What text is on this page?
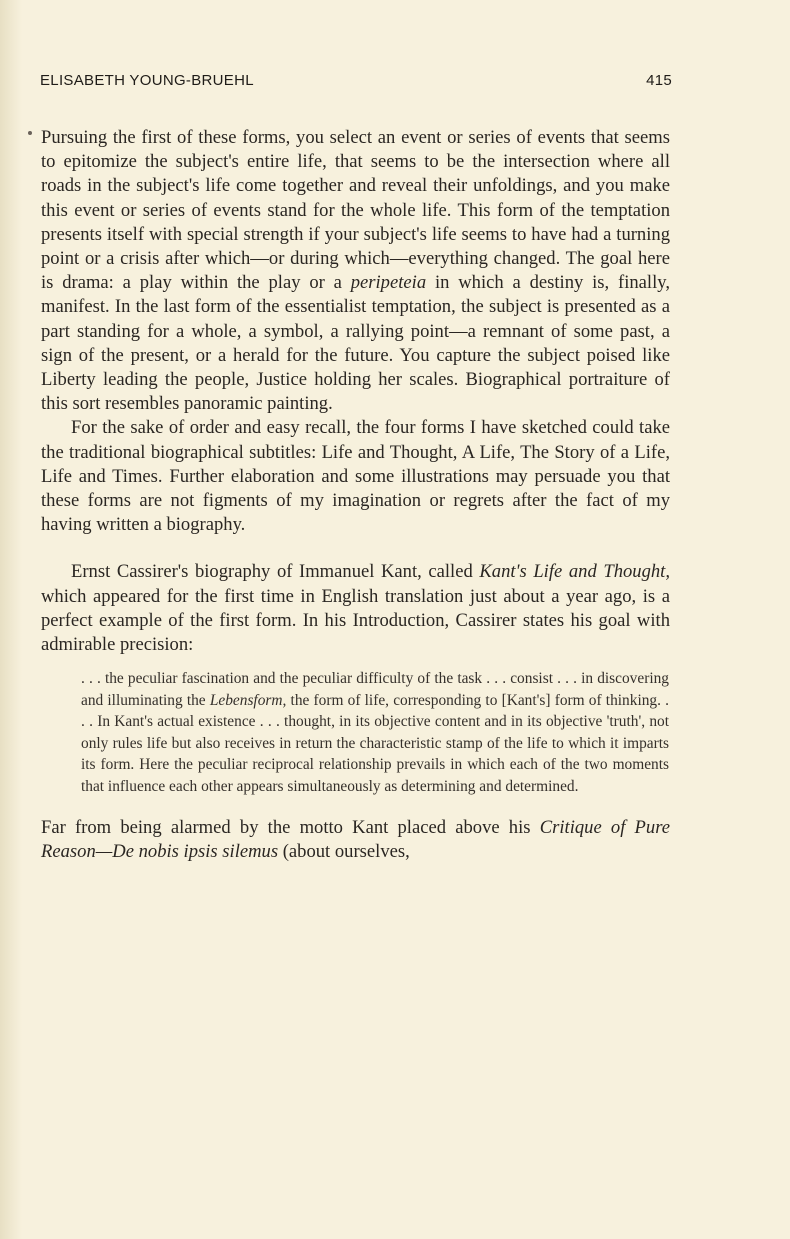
ELISABETH YOUNG-BRUEHL	415

Pursuing the first of these forms, you select an event or series of events that seems to epitomize the subject's entire life, that seems to be the intersection where all roads in the subject's life come together and reveal their unfoldings, and you make this event or series of events stand for the whole life. This form of the temptation presents itself with special strength if your subject's life seems to have had a turning point or a crisis after which—or during which—everything changed. The goal here is drama: a play within the play or a peripeteia in which a destiny is, finally, manifest. In the last form of the essentialist temptation, the subject is presented as a part standing for a whole, a symbol, a rallying point—a remnant of some past, a sign of the present, or a herald for the future. You capture the subject poised like Liberty leading the people, Justice holding her scales. Biographical portraiture of this sort resembles panoramic painting.

For the sake of order and easy recall, the four forms I have sketched could take the traditional biographical subtitles: Life and Thought, A Life, The Story of a Life, Life and Times. Further elaboration and some illustrations may persuade you that these forms are not figments of my imagination or regrets after the fact of my having written a biography.

Ernst Cassirer's biography of Immanuel Kant, called Kant's Life and Thought, which appeared for the first time in English translation just about a year ago, is a perfect example of the first form. In his Introduction, Cassirer states his goal with admirable precision:

. . . the peculiar fascination and the peculiar difficulty of the task . . . consist . . . in discovering and illuminating the Lebensform, the form of life, corresponding to [Kant's] form of thinking. . . . In Kant's actual existence . . . thought, in its objective content and in its objective 'truth', not only rules life but also receives in return the characteristic stamp of the life to which it imparts its form. Here the peculiar reciprocal relationship prevails in which each of the two moments that influence each other appears simultaneously as determining and determined.

Far from being alarmed by the motto Kant placed above his Critique of Pure Reason—De nobis ipsis silemus (about ourselves,
